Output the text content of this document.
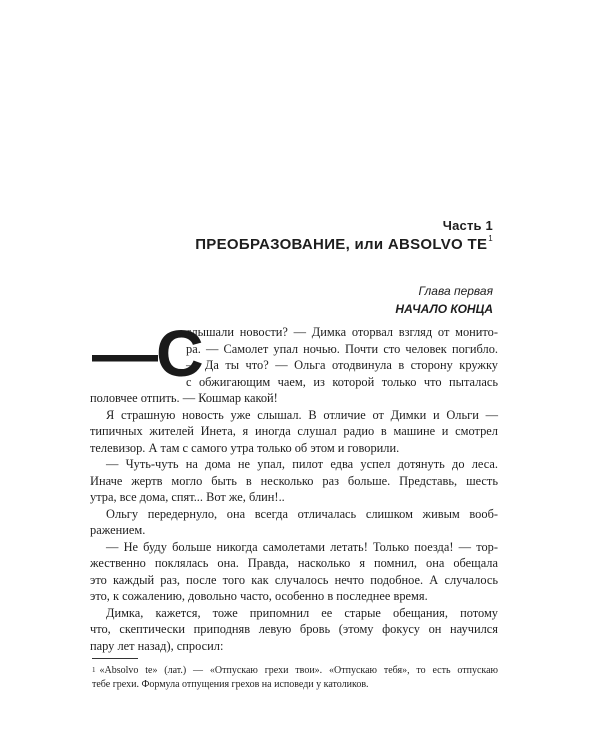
Часть 1
ПРЕОБРАЗОВАНИЕ, или ABSOLVO $TE^1$
Глава первая
НАЧАЛО КОНЦА
—С
слышали новости? — Димка оторвал взгляд от монито-
ра. — Самолет упал ночью. Почти сто человек погибло.
— Да ты что? — Ольга отодвинула в сторону кружку
с обжигающим чаем, из которой только что пыталась
половчее отпить. — Кошмар какой!
Я страшную новость уже слышал. В отличие от Димки и Ольги —
типичных жителей Инета, я иногда слушал радио в машине и смотрел
телевизор. А там с самого утра только об этом и говорили.
— Чуть-чуть на дома не упал, пилот едва успел дотянуть до леса.
Иначе жертв могло быть в несколько раз больше. Представь, шесть
утра, все дома, спят... Вот же, блин!..
Ольгу передернуло, она всегда отличалась слишком живым вооб-
ражением.
— Не буду больше никогда самолетами летать! Только поезда! — тор-
жественно поклялась она. Правда, насколько я помнил, она обещала
это каждый раз, после того как случалось нечто подобное. А случалось
это, к сожалению, довольно часто, особенно в последнее время.
$^1$ «Absolvo te» (лат.) — «Отпускаю грехи твои». «Отпускаю тебя», то есть отпускаю
тебе грехи. Формула отпущения грехов на исповеди у католиков.
Димка, кажется, тоже припомнил ее старые обещания, потому
что, скептически приподняв левую бровь (этому фокусу он научился
пару лет назад), спросил:
